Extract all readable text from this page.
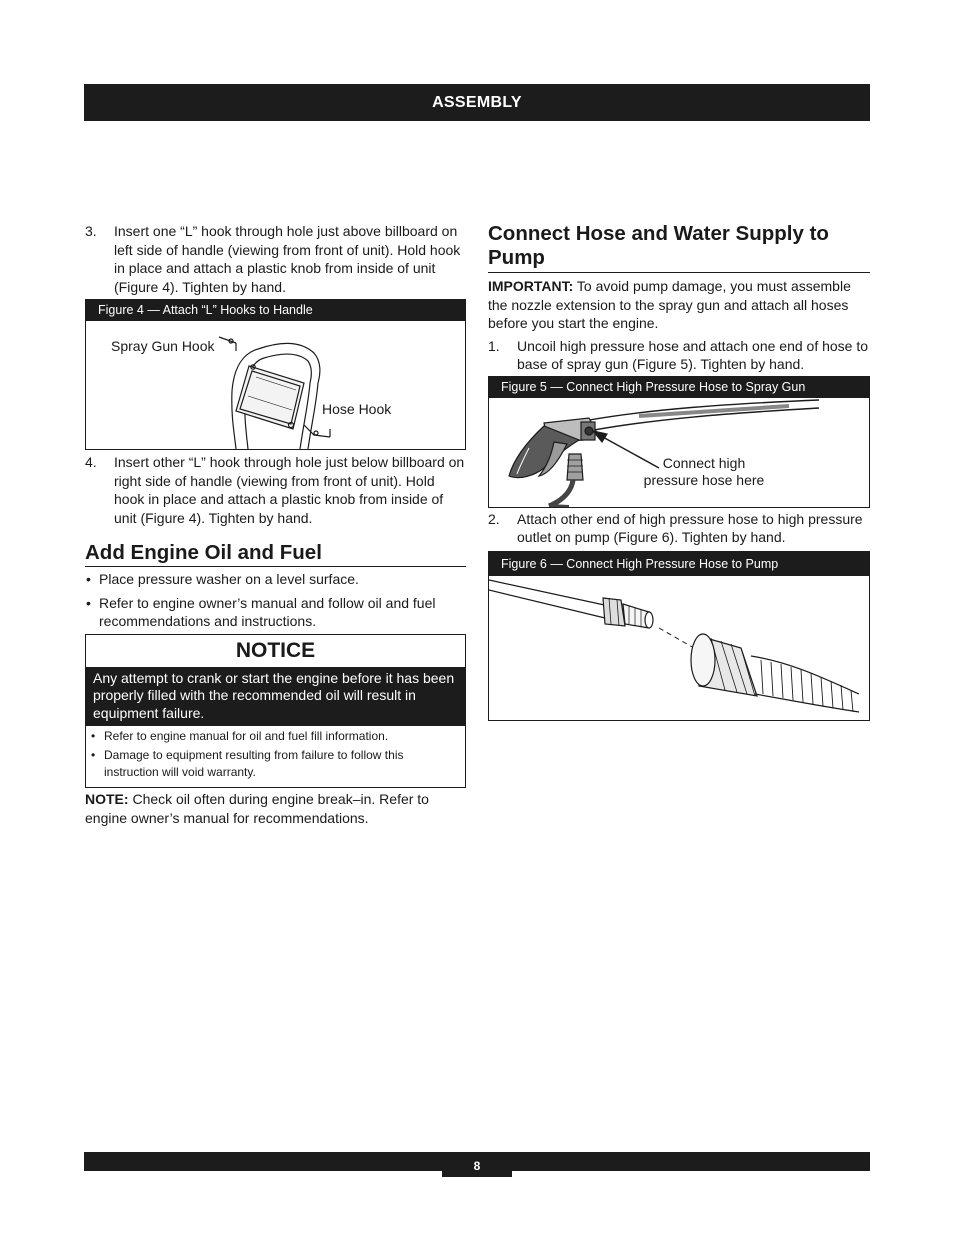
ASSEMBLY
3. Insert one “L” hook through hole just above billboard on left side of handle (viewing from front of unit). Hold hook in place and attach a plastic knob from inside of unit (Figure 4). Tighten by hand.
Figure 4 — Attach “L” Hooks to Handle
Spray Gun Hook
Hose Hook
4. Insert other “L” hook through hole just below billboard on right side of handle (viewing from front of unit). Hold hook in place and attach a plastic knob from inside of unit (Figure 4). Tighten by hand.
Add Engine Oil and Fuel
• Place pressure washer on a level surface.
• Refer to engine owner’s manual and follow oil and fuel recommendations and instructions.
NOTICE
Any attempt to crank or start the engine before it has been properly filled with the recommended oil will result in equipment failure.
• Refer to engine manual for oil and fuel fill information.
• Damage to equipment resulting from failure to follow this instruction will void warranty.
NOTE: Check oil often during engine break–in. Refer to engine owner’s manual for recommendations.
Connect Hose and Water Supply to Pump
IMPORTANT: To avoid pump damage, you must assemble the nozzle extension to the spray gun and attach all hoses before you start the engine.
1. Uncoil high pressure hose and attach one end of hose to base of spray gun (Figure 5). Tighten by hand.
Figure 5 — Connect High Pressure Hose to Spray Gun
Connect high
pressure hose here
2. Attach other end of high pressure hose to high pressure outlet on pump (Figure 6). Tighten by hand.
Figure 6 — Connect High Pressure Hose to Pump
8
